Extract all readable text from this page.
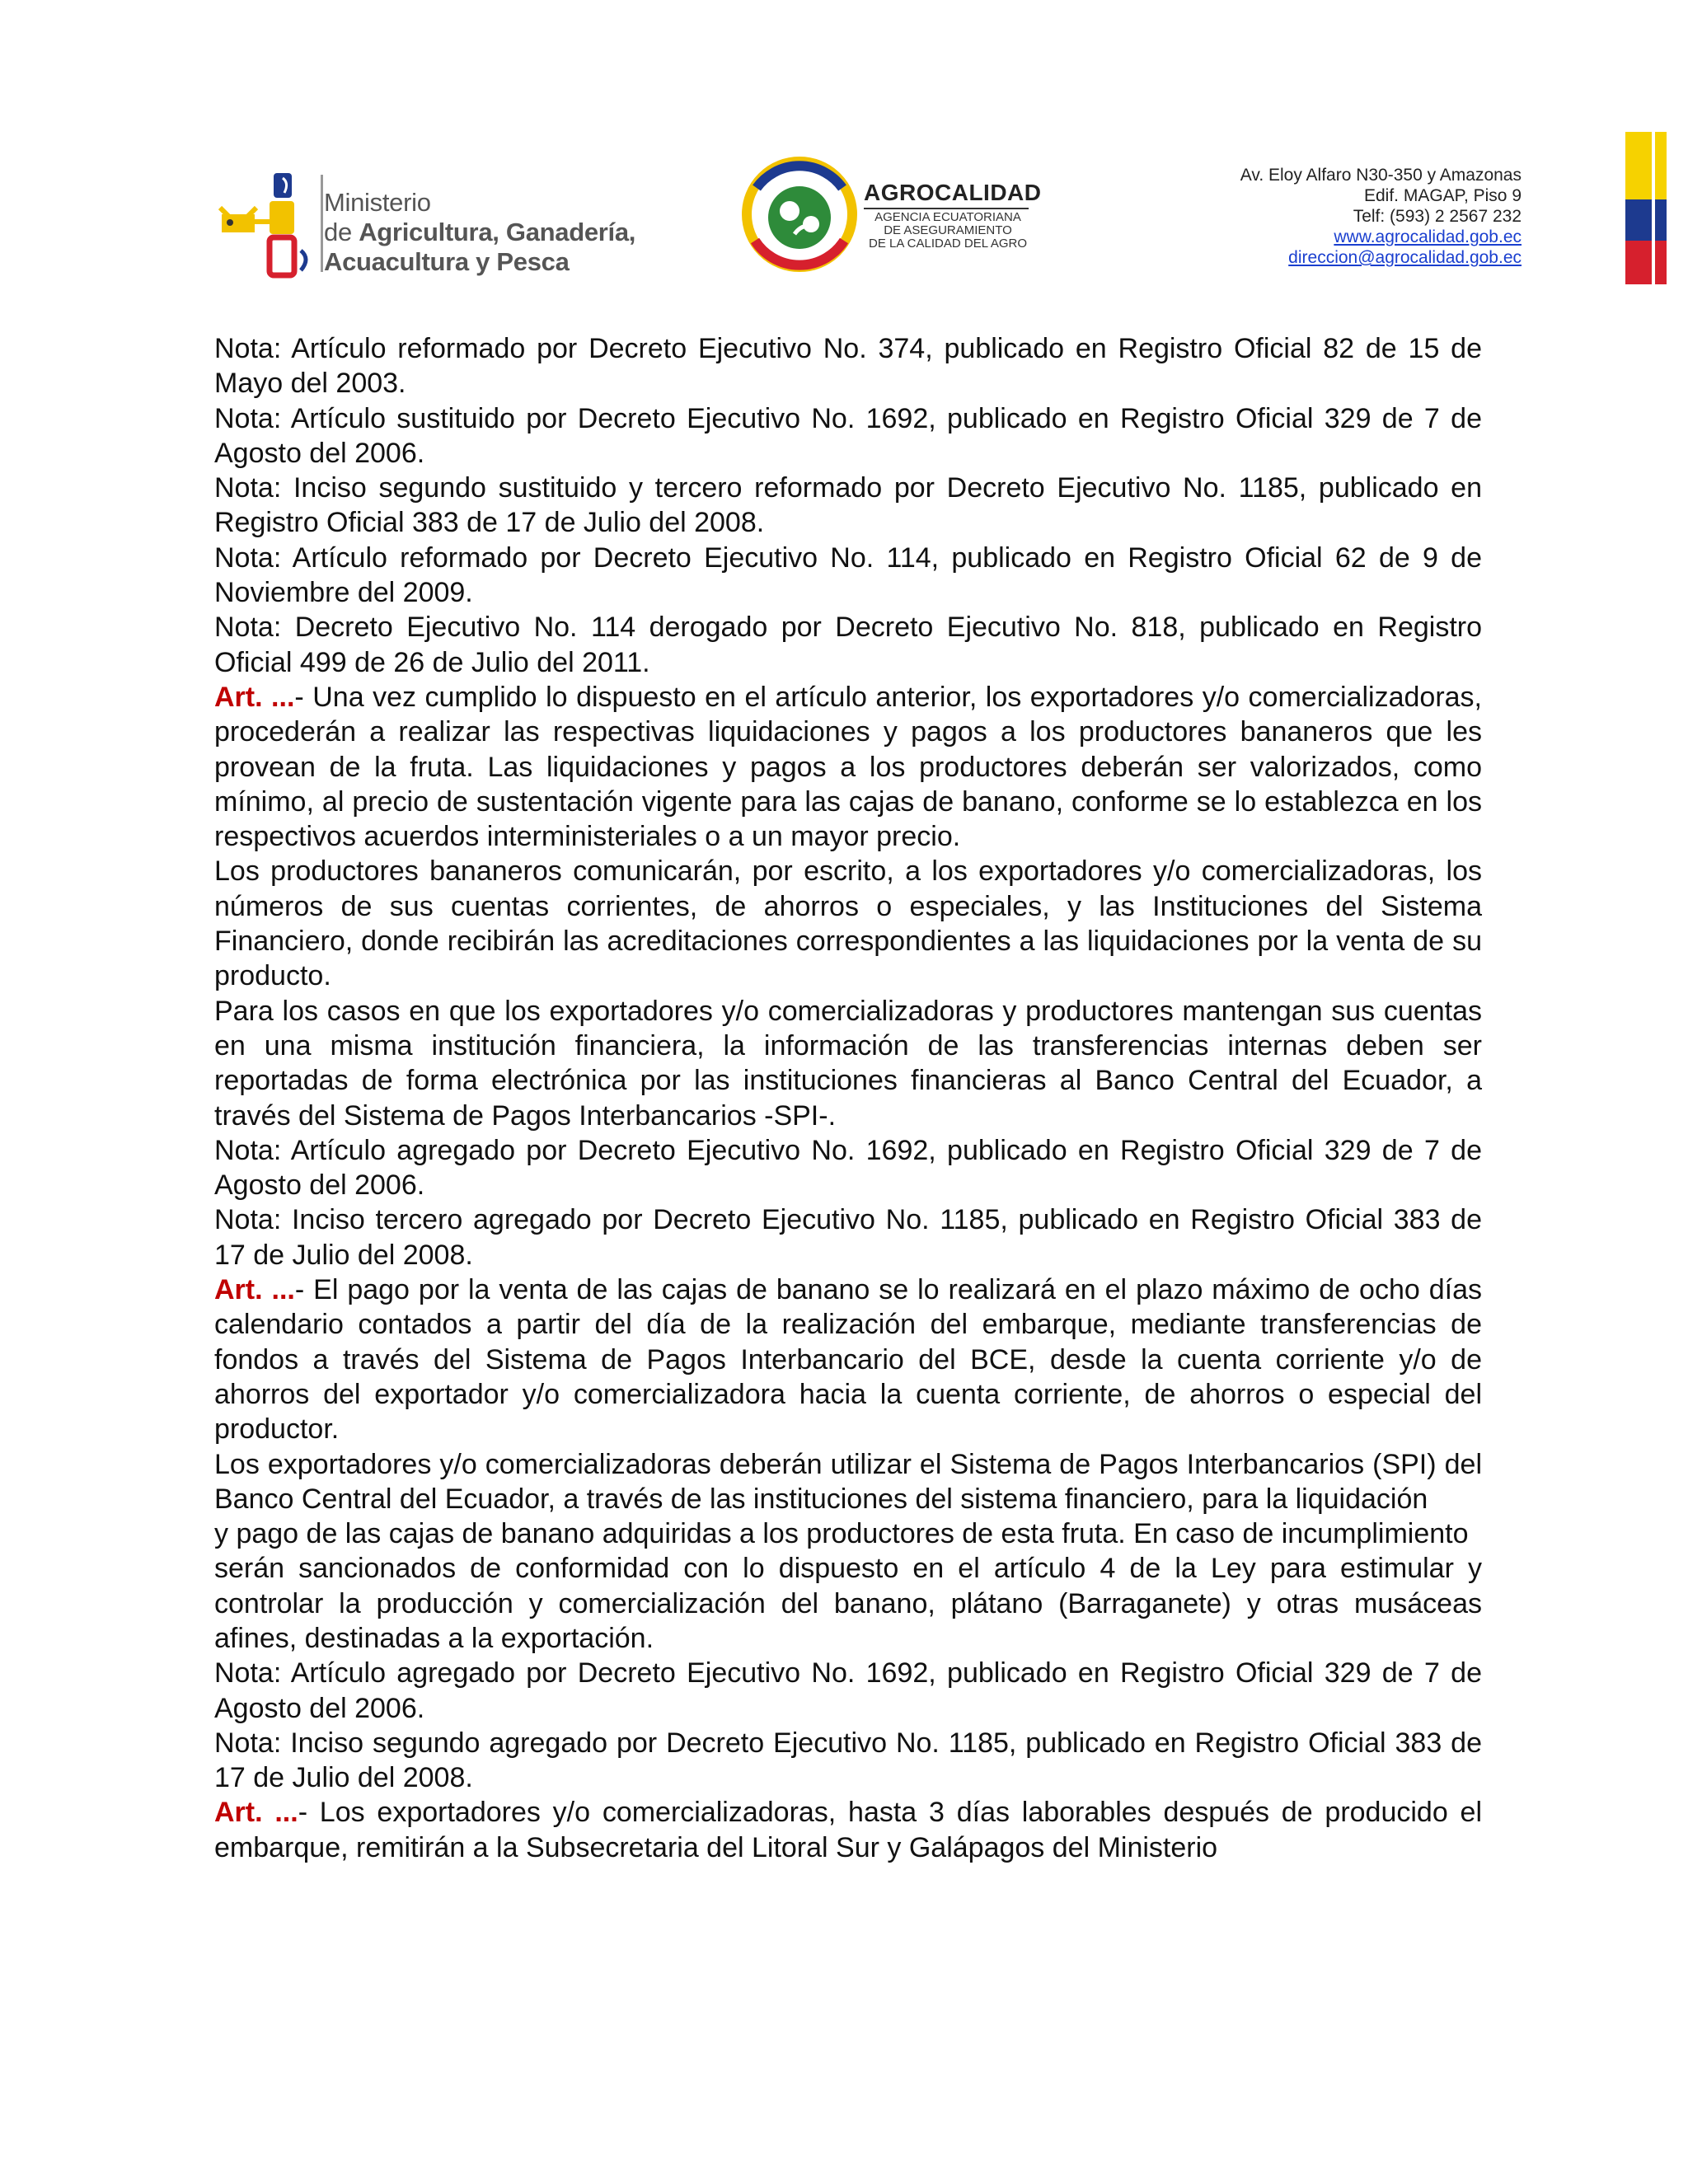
Ministerio
de Agricultura, Ganadería,
Acuacultura y Pesca
AGROCALIDAD
AGENCIA ECUATORIANA
DE ASEGURAMIENTO
DE LA CALIDAD DEL AGRO
Av. Eloy Alfaro N30-350 y Amazonas
Edif. MAGAP, Piso 9
Telf: (593) 2 2567 232
www.agrocalidad.gob.ec
direccion@agrocalidad.gob.ec

Nota: Artículo reformado por Decreto Ejecutivo No. 374, publicado en Registro Oficial 82 de 15 de Mayo del 2003.

Nota: Artículo sustituido por Decreto Ejecutivo No. 1692, publicado en Registro Oficial 329 de 7 de Agosto del 2006.

Nota: Inciso segundo sustituido y tercero reformado por Decreto Ejecutivo No. 1185, publicado en Registro Oficial 383 de 17 de Julio del 2008.

Nota: Artículo reformado por Decreto Ejecutivo No. 114, publicado en Registro Oficial 62 de 9 de Noviembre del 2009.

Nota: Decreto Ejecutivo No. 114 derogado por Decreto Ejecutivo No. 818, publicado en Registro Oficial 499 de 26 de Julio del 2011.

Art. ...- Una vez cumplido lo dispuesto en el artículo anterior, los exportadores y/o comercializadoras, procederán a realizar las respectivas liquidaciones y pagos a los productores bananeros que les provean de la fruta. Las liquidaciones y pagos a los productores deberán ser valorizados, como mínimo, al precio de sustentación vigente para las cajas de banano, conforme se lo establezca en los respectivos acuerdos interministeriales o a un mayor precio.

Los productores bananeros comunicarán, por escrito, a los exportadores y/o comercializadoras, los números de sus cuentas corrientes, de ahorros o especiales, y las Instituciones del Sistema Financiero, donde recibirán las acreditaciones correspondientes a las liquidaciones por la venta de su producto.

Para los casos en que los exportadores y/o comercializadoras y productores mantengan sus cuentas en una misma institución financiera, la información de las transferencias internas deben ser reportadas de forma electrónica por las instituciones financieras al Banco Central del Ecuador, a través del Sistema de Pagos Interbancarios -SPI-.

Nota: Artículo agregado por Decreto Ejecutivo No. 1692, publicado en Registro Oficial 329 de 7 de Agosto del 2006.

Nota: Inciso tercero agregado por Decreto Ejecutivo No. 1185, publicado en Registro Oficial 383 de 17 de Julio del 2008.

Art. ...- El pago por la venta de las cajas de banano se lo realizará en el plazo máximo de ocho días calendario contados a partir del día de la realización del embarque, mediante transferencias de fondos a través del Sistema de Pagos Interbancario del BCE, desde la cuenta corriente y/o de ahorros del exportador y/o comercializadora hacia la cuenta corriente, de ahorros o especial del productor.

Los exportadores y/o comercializadoras deberán utilizar el Sistema de Pagos Interbancarios (SPI) del Banco Central del Ecuador, a través de las instituciones del sistema financiero, para la liquidación

y pago de las cajas de banano adquiridas a los productores de esta fruta. En caso de incumplimiento

serán sancionados de conformidad con lo dispuesto en el artículo 4 de la Ley para estimular y controlar la producción y comercialización del banano, plátano (Barraganete) y otras musáceas afines, destinadas a la exportación.

Nota: Artículo agregado por Decreto Ejecutivo No. 1692, publicado en Registro Oficial 329 de 7 de Agosto del 2006.

Nota: Inciso segundo agregado por Decreto Ejecutivo No. 1185, publicado en Registro Oficial 383 de 17 de Julio del 2008.

Art. ...- Los exportadores y/o comercializadoras, hasta 3 días laborables después de producido el embarque, remitirán a la Subsecretaria del Litoral Sur y Galápagos del Ministerio
